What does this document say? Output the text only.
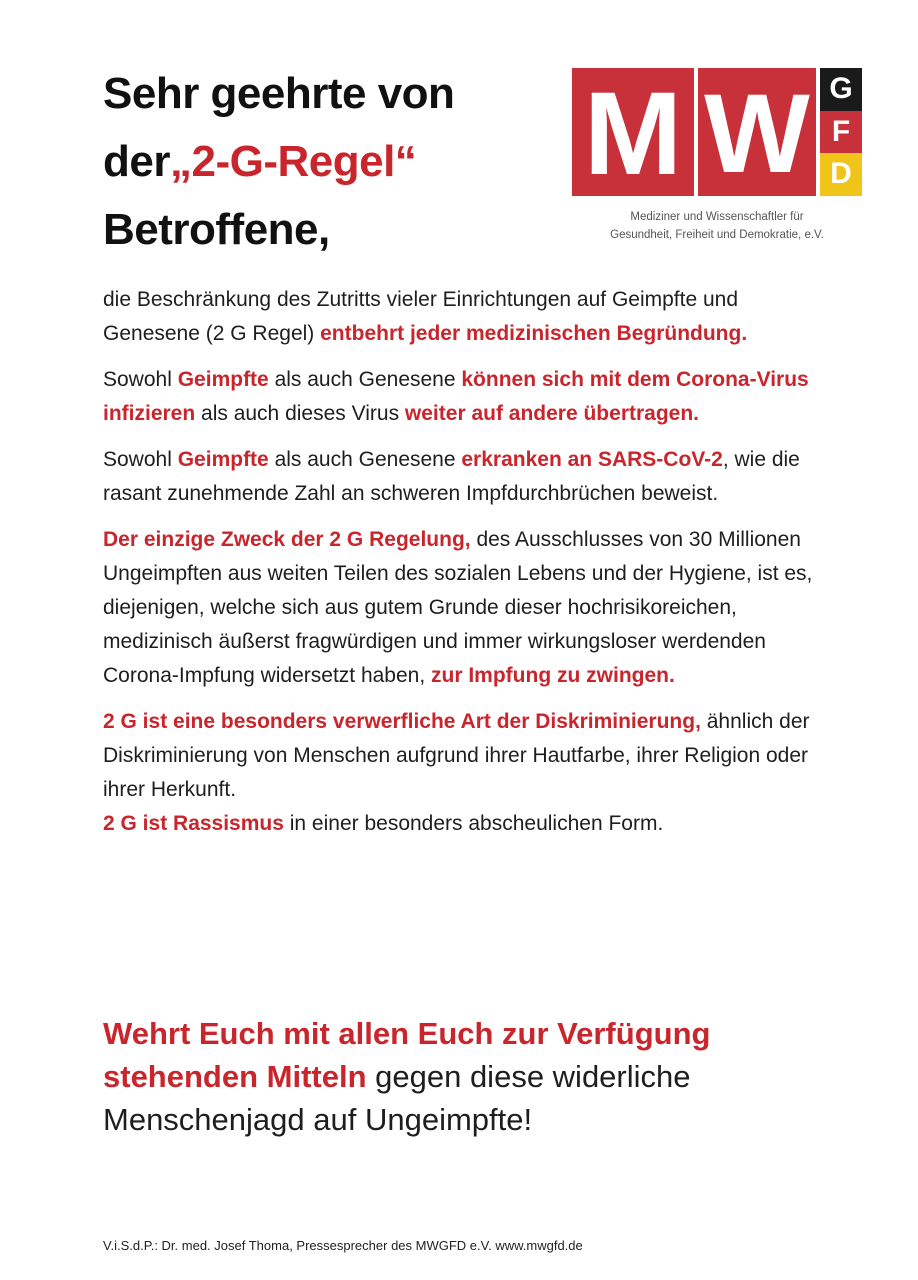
Sehr geehrte von
der„2-G-Regel“
Betroffene,
M W G
F
D
Mediziner und Wissenschaftler für
Gesundheit, Freiheit und Demokratie, e.V.

die Beschränkung des Zutritts vieler Einrichtungen auf Geimpfte und Genesene (2 G Regel) entbehrt jeder medizinischen Begründung.

Sowohl Geimpfte als auch Genesene können sich mit dem Corona-Virus infizieren als auch dieses Virus weiter auf andere übertragen.

Sowohl Geimpfte als auch Genesene erkranken an SARS-CoV-2, wie die rasant zunehmende Zahl an schweren Impfdurchbrüchen beweist.

Der einzige Zweck der 2 G Regelung, des Ausschlusses von 30 Millionen Ungeimpften aus weiten Teilen des sozialen Lebens und der Hygiene, ist es, diejenigen, welche sich aus gutem Grunde dieser hochrisikoreichen, medizinisch äußerst fragwürdigen und immer wirkungsloser werdenden Corona-Impfung widersetzt haben, zur Impfung zu zwingen.

2 G ist eine besonders verwerfliche Art der Diskriminierung, ähnlich der Diskriminierung von Menschen aufgrund ihrer Hautfarbe, ihrer Religion oder ihrer Herkunft.

2 G ist Rassismus in einer besonders abscheulichen Form.

Wehrt Euch mit allen Euch zur Verfügung stehenden Mitteln gegen diese widerliche Menschenjagd auf Ungeimpfte!
V.i.S.d.P.: Dr. med. Josef Thoma, Pressesprecher des MWGFD e.V. www.mwgfd.de
